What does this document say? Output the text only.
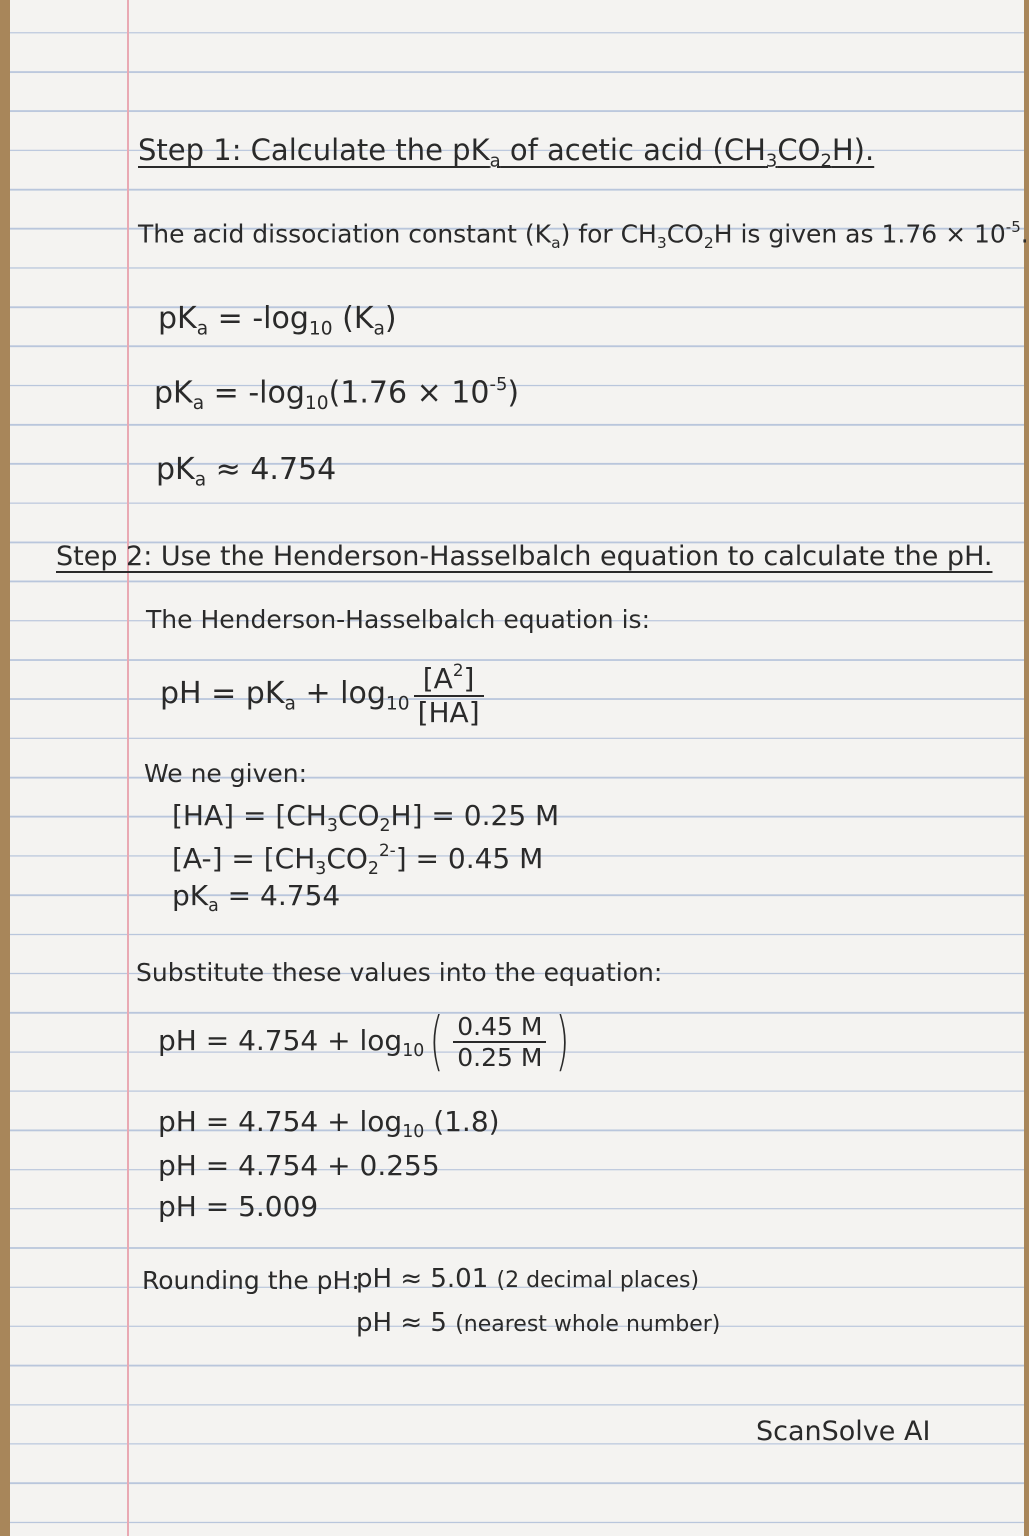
Step 1: Calculate the $pK_a$ of acetic acid $(CH_3CO_2H)$.
The acid dissociation constant $(K_a)$ for $CH_3CO_2H$ is given as $1.76 \times 10^{-5}$.
$pK_a = -\log_{10}$ $(K_a)$
$pK_a = -\log_{10}(1.76 \times 10^{-5})$
$pK_a \approx 4.754$
Step 2: Use the Henderson-Hasselbalch equation to calculate the pH.
The Henderson-Hasselbalch equation is:
pH = $pK_a + \log_{10} \frac{[A^2]}{[HA]}$
We ne given:
$[HA] = [CH_3CO_2H] = 0.25$ M
$[A-] = [CH_3CO_2^{2-}] = 0.45$ M
$pK_a = 4.754$
Substitute these values into the equation:
pH = $4.754 + \log_{10}( \frac{0.45 M}{0.25 M}$ )
pH = $4.754 + \log_{10} (1.8)$
pH = 4.754 + 0.255
pH = 5.009
Rounding the pH:
pH ≈ 5.01 (2 decimal places)
pH ≈ 5 (nearest whole number)
ScanSolve AI
